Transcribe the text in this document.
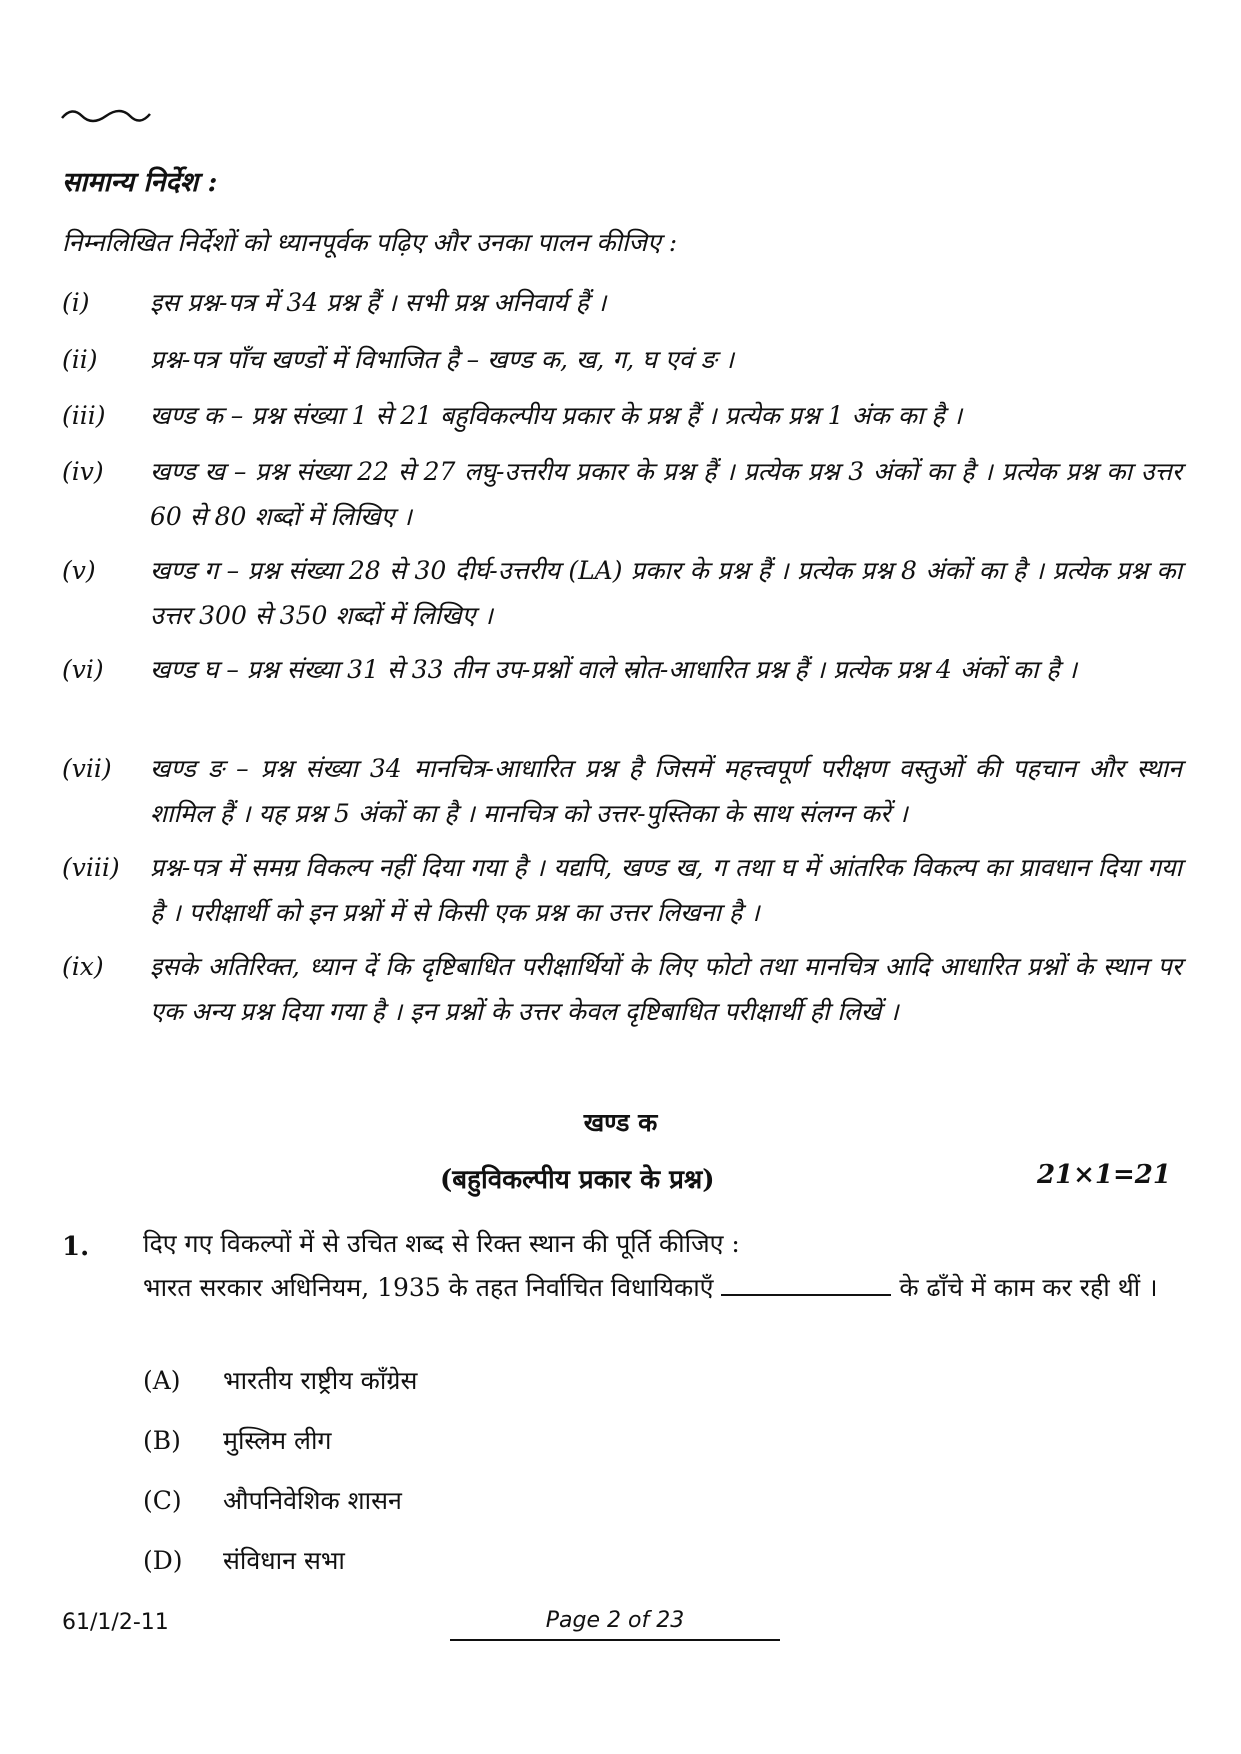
सामान्य निर्देश :
निम्नलिखित निर्देशों को ध्यानपूर्वक पढ़िए और उनका पालन कीजिए :
(i)	इस प्रश्न-पत्र में 34 प्रश्न हैं । सभी प्रश्न अनिवार्य हैं ।
(ii)	प्रश्न-पत्र पाँच खण्डों में विभाजित है – खण्ड क, ख, ग, घ एवं ङ ।
(iii)	खण्ड क – प्रश्न संख्या 1 से 21 बहुविकल्पीय प्रकार के प्रश्न हैं । प्रत्येक प्रश्न 1 अंक का है ।
(iv)	खण्ड ख – प्रश्न संख्या 22 से 27 लघु-उत्तरीय प्रकार के प्रश्न हैं । प्रत्येक प्रश्न 3 अंकों का है । प्रत्येक प्रश्न का उत्तर 60 से 80 शब्दों में लिखिए ।
(v)	खण्ड ग – प्रश्न संख्या 28 से 30 दीर्घ-उत्तरीय (LA) प्रकार के प्रश्न हैं । प्रत्येक प्रश्न 8 अंकों का है । प्रत्येक प्रश्न का उत्तर 300 से 350 शब्दों में लिखिए ।
(vi)	खण्ड घ – प्रश्न संख्या 31 से 33 तीन उप-प्रश्नों वाले स्रोत-आधारित प्रश्न हैं । प्रत्येक प्रश्न 4 अंकों का है ।
(vii)	खण्ड ङ – प्रश्न संख्या 34 मानचित्र-आधारित प्रश्न है जिसमें महत्त्वपूर्ण परीक्षण वस्तुओं की पहचान और स्थान शामिल हैं । यह प्रश्न 5 अंकों का है । मानचित्र को उत्तर-पुस्तिका के साथ संलग्न करें ।
(viii)	प्रश्न-पत्र में समग्र विकल्प नहीं दिया गया है । यद्यपि, खण्ड ख, ग तथा घ में आंतरिक विकल्प का प्रावधान दिया गया है । परीक्षार्थी को इन प्रश्नों में से किसी एक प्रश्न का उत्तर लिखना है ।
(ix)	इसके अतिरिक्त, ध्यान दें कि दृष्टिबाधित परीक्षार्थियों के लिए फोटो तथा मानचित्र आदि आधारित प्रश्नों के स्थान पर एक अन्य प्रश्न दिया गया है । इन प्रश्नों के उत्तर केवल दृष्टिबाधित परीक्षार्थी ही लिखें ।
खण्ड क
(बहुविकल्पीय प्रकार के प्रश्न)	21×1=21
1. दिए गए विकल्पों में से उचित शब्द से रिक्त स्थान की पूर्ति कीजिए :
भारत सरकार अधिनियम, 1935 के तहत निर्वाचित विधायिकाएँ	के ढाँचे में काम कर रही थीं ।
(A) भारतीय राष्ट्रीय काँग्रेस
(B) मुस्लिम लीग
(C) औपनिवेशिक शासन
(D) संविधान सभा
61/1/2-11	Page 2 of 23
